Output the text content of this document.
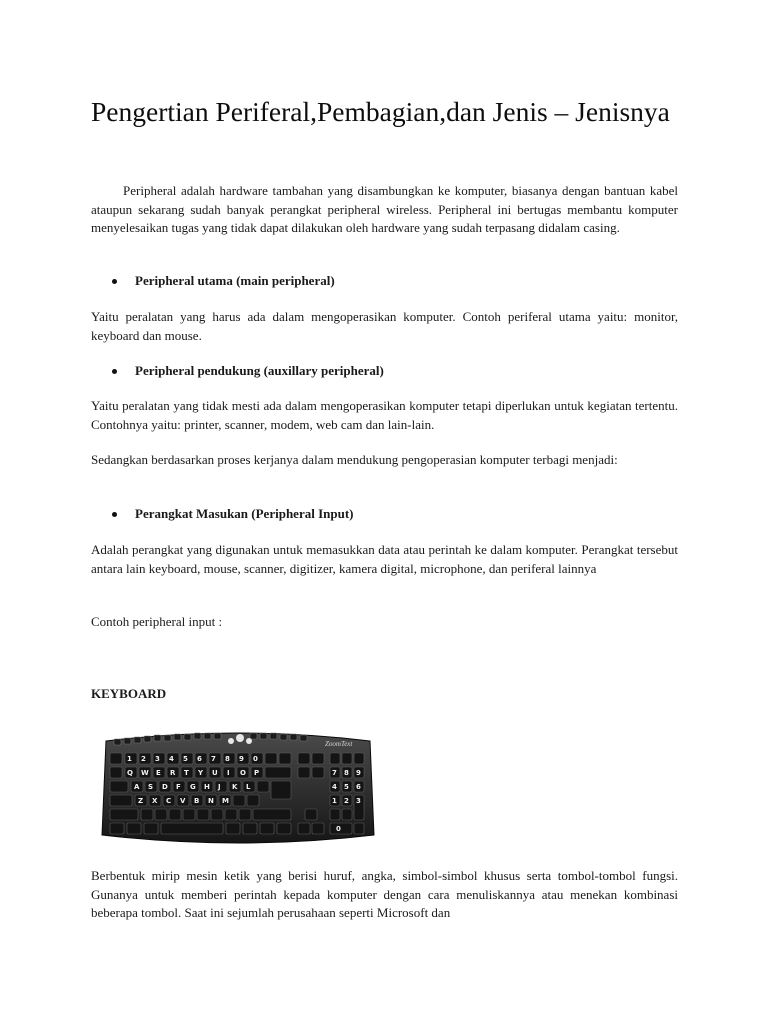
Pengertian Periferal,Pembagian,dan Jenis – Jenisnya

Peripheral adalah hardware tambahan yang disambungkan ke komputer, biasanya dengan bantuan kabel ataupun sekarang sudah banyak perangkat peripheral wireless. Peripheral ini bertugas membantu komputer menyelesaikan tugas yang tidak dapat dilakukan oleh hardware yang sudah terpasang didalam casing.

Peripheral utama (main peripheral)

Yaitu peralatan yang harus ada dalam mengoperasikan komputer. Contoh periferal utama yaitu: monitor, keyboard dan mouse.

Peripheral pendukung (auxillary peripheral)

Yaitu peralatan yang tidak mesti ada dalam mengoperasikan komputer tetapi diperlukan untuk kegiatan tertentu. Contohnya yaitu: printer, scanner, modem, web cam dan lain-lain.

Sedangkan berdasarkan proses kerjanya dalam mendukung pengoperasian komputer terbagi menjadi:

Perangkat Masukan (Peripheral Input)

Adalah perangkat yang digunakan untuk memasukkan data atau perintah ke dalam komputer. Perangkat tersebut antara lain keyboard, mouse, scanner, digitizer, kamera digital, microphone, dan periferal lainnya

Contoh peripheral input :

KEYBOARD
ZoomText
Q W E R T Y U I O P
A S D F G H J K L
Z X C V B N M
1 2 3 4 5 6 7 8 9 0
7 8 9
4 5 6
1 2 3
0

Berbentuk mirip mesin ketik yang berisi huruf, angka, simbol-simbol khusus serta tombol-tombol fungsi. Gunanya untuk memberi perintah kepada komputer dengan cara menuliskannya atau menekan kombinasi beberapa tombol. Saat ini sejumlah perusahaan seperti Microsoft dan
